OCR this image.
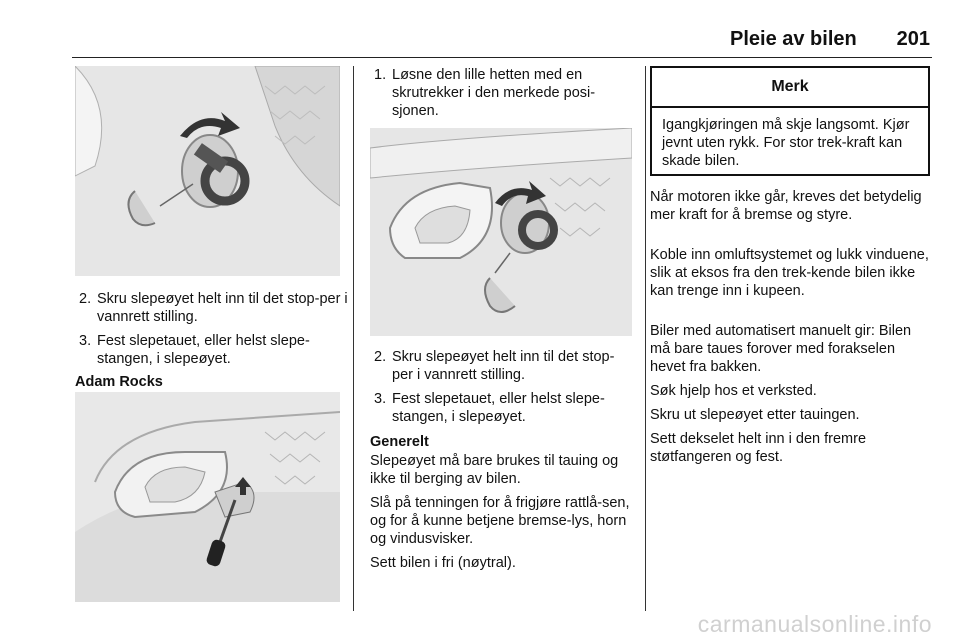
Pleie av bilen 201
2. Skru slepeøyet helt inn til det stop-per i vannrett stilling.
3. Fest slepetauet, eller helst slepe-stangen, i slepeøyet.
Adam Rocks
1. Løsne den lille hetten med en skrutrekker i den merkede posi-sjonen.
2. Skru slepeøyet helt inn til det stop-per i vannrett stilling.
3. Fest slepetauet, eller helst slepe-stangen, i slepeøyet.
Generelt

Slepeøyet må bare brukes til tauing og ikke til berging av bilen.

Slå på tenningen for å frigjøre rattlå-sen, og for å kunne betjene bremse-lys, horn og vindusvisker.

Sett bilen i fri (nøytral).

Merk
Igangkjøringen må skje langsomt. Kjør jevnt uten rykk. For stor trek-kraft kan skade bilen.

Når motoren ikke går, kreves det betydelig mer kraft for å bremse og styre.

Koble inn omluftsystemet og lukk vinduene, slik at eksos fra den trek-kende bilen ikke kan trenge inn i kupeen.

Biler med automatisert manuelt gir: Bilen må bare taues forover med forakselen hevet fra bakken.

Søk hjelp hos et verksted.

Skru ut slepeøyet etter tauingen.

Sett dekselet helt inn i den fremre støtfangeren og fest.

carmanualsonline.info
